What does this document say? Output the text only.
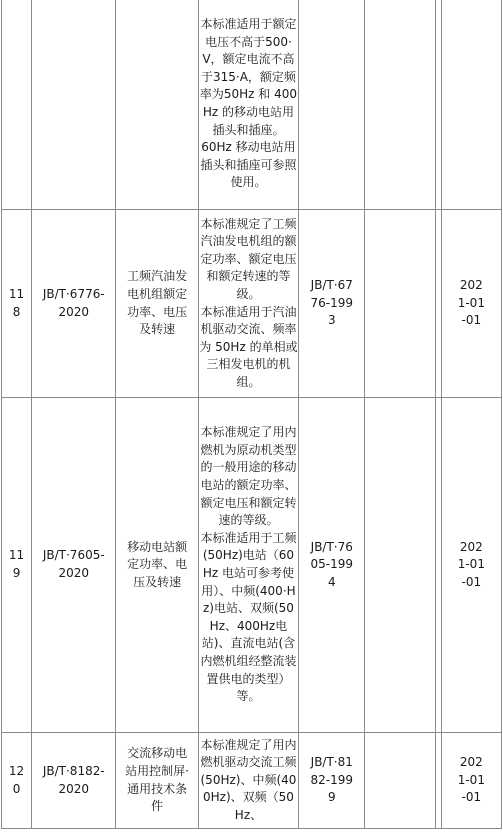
			本标准适用于额定电压不高于500·V，额定电流不高于315·A，额定频率为50Hz 和 400Hz 的移动电站用插头和插座。

60Hz 移动电站用插头和插座可参照使用。				

118	JB/T·6776-2020	工频汽油发电机组额定功率、电压及转速	本标准规定了工频汽油发电机组的额定功率、额定电压和额定转速的等级。

本标准适用于汽油机驱动交流、频率为 50Hz 的单相或三相发电机的机组。	JB/T·6776-1993			2021-01-01

119	JB/T·7605-2020	移动电站额定功率、电压及转速	本标准规定了用内燃机为原动机类型的一般用途的移动电站的额定功率、额定电压和额定转速的等级。

本标准适用于工频(50Hz)电站（60Hz 电站可参考使用）、中频(400·Hz)电站、双频(50Hz、400Hz电站)、直流电站(含内燃机组经整流装置供电的类型）等。	JB/T·7605-1994			2021-01-01

120	JB/T·8182-2020	交流移动电站用控制屏·通用技术条件	本标准规定了用内燃机驱动交流工频(50Hz)、中频(400Hz)、双频（50Hz、	JB/T·8182-1999			2021-01-01
